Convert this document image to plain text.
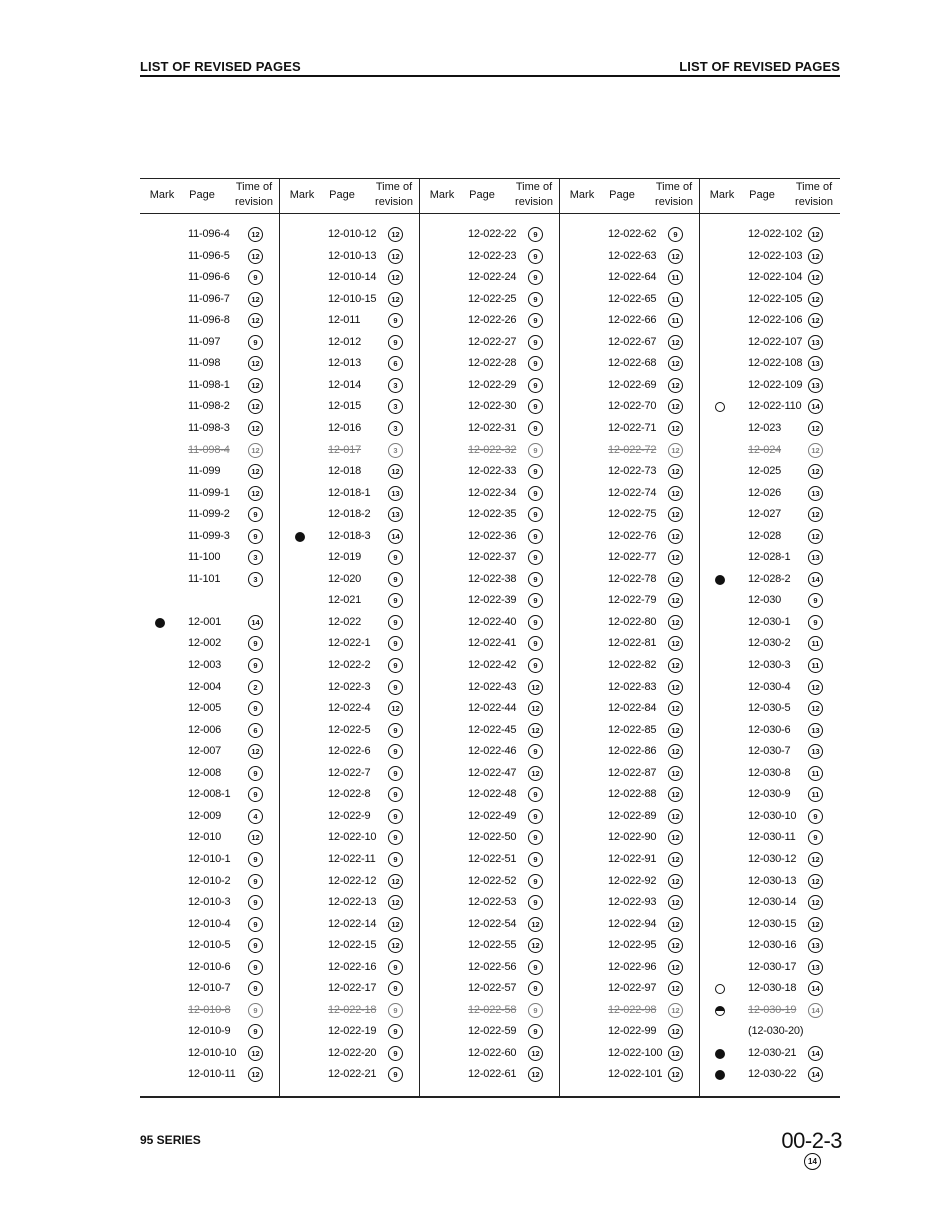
LIST OF REVISED PAGES	LIST OF REVISED PAGES
Mark	Page
Time of
revision
11-096-4	12
11-096-5	12
11-096-6	9
11-096-7	12
11-096-8	12
11-097	9
11-098	12
11-098-1	12
11-098-2	12
11-098-3	12
11-098-4	12
11-099	12
11-099-1	12
11-099-2	9
11-099-3	9
11-100	3
11-101	3
12-001	14
12-002	9
12-003	9
12-004	2
12-005	9
12-006	6
12-007	12
12-008	9
12-008-1	9
12-009	4
12-010	12
12-010-1	9
12-010-2	9
12-010-3	9
12-010-4	9
12-010-5	9
12-010-6	9
12-010-7	9
12-010-8	9
12-010-9	9
12-010-10	12
12-010-11	12
Mark	Page
Time of
revision
12-010-12	12
12-010-13	12
12-010-14	12
12-010-15	12
12-011	9
12-012	9
12-013	6
12-014	3
12-015	3
12-016	3
12-017	3
12-018	12
12-018-1	13
12-018-2	13
12-018-3	14
12-019	9
12-020	9
12-021	9
12-022	9
12-022-1	9
12-022-2	9
12-022-3	9
12-022-4	12
12-022-5	9
12-022-6	9
12-022-7	9
12-022-8	9
12-022-9	9
12-022-10	9
12-022-11	9
12-022-12	12
12-022-13	12
12-022-14	12
12-022-15	12
12-022-16	9
12-022-17	9
12-022-18	9
12-022-19	9
12-022-20	9
12-022-21	9
Mark	Page
Time of
revision
12-022-22	9
12-022-23	9
12-022-24	9
12-022-25	9
12-022-26	9
12-022-27	9
12-022-28	9
12-022-29	9
12-022-30	9
12-022-31	9
12-022-32	9
12-022-33	9
12-022-34	9
12-022-35	9
12-022-36	9
12-022-37	9
12-022-38	9
12-022-39	9
12-022-40	9
12-022-41	9
12-022-42	9
12-022-43	12
12-022-44	12
12-022-45	12
12-022-46	9
12-022-47	12
12-022-48	9
12-022-49	9
12-022-50	9
12-022-51	9
12-022-52	9
12-022-53	9
12-022-54	12
12-022-55	12
12-022-56	9
12-022-57	9
12-022-58	9
12-022-59	9
12-022-60	12
12-022-61	12
Mark	Page
Time of
revision
12-022-62	9
12-022-63	12
12-022-64	11
12-022-65	11
12-022-66	11
12-022-67	12
12-022-68	12
12-022-69	12
12-022-70	12
12-022-71	12
12-022-72	12
12-022-73	12
12-022-74	12
12-022-75	12
12-022-76	12
12-022-77	12
12-022-78	12
12-022-79	12
12-022-80	12
12-022-81	12
12-022-82	12
12-022-83	12
12-022-84	12
12-022-85	12
12-022-86	12
12-022-87	12
12-022-88	12
12-022-89	12
12-022-90	12
12-022-91	12
12-022-92	12
12-022-93	12
12-022-94	12
12-022-95	12
12-022-96	12
12-022-97	12
12-022-98	12
12-022-99	12
12-022-100	12
12-022-101	12
Mark	Page
Time of
revision
12-022-102	12
12-022-103	12
12-022-104	12
12-022-105	12
12-022-106	12
12-022-107	13
12-022-108	13
12-022-109	13
12-022-110	14
12-023	12
12-024	12
12-025	12
12-026	13
12-027	12
12-028	12
12-028-1	13
12-028-2	14
12-030	9
12-030-1	9
12-030-2	11
12-030-3	11
12-030-4	12
12-030-5	12
12-030-6	13
12-030-7	13
12-030-8	11
12-030-9	11
12-030-10	9
12-030-11	9
12-030-12	12
12-030-13	12
12-030-14	12
12-030-15	12
12-030-16	13
12-030-17	13
12-030-18	14
12-030-19	14
(12-030-20)
12-030-21	14
12-030-22	14
95 SERIES	00-2-3
14
